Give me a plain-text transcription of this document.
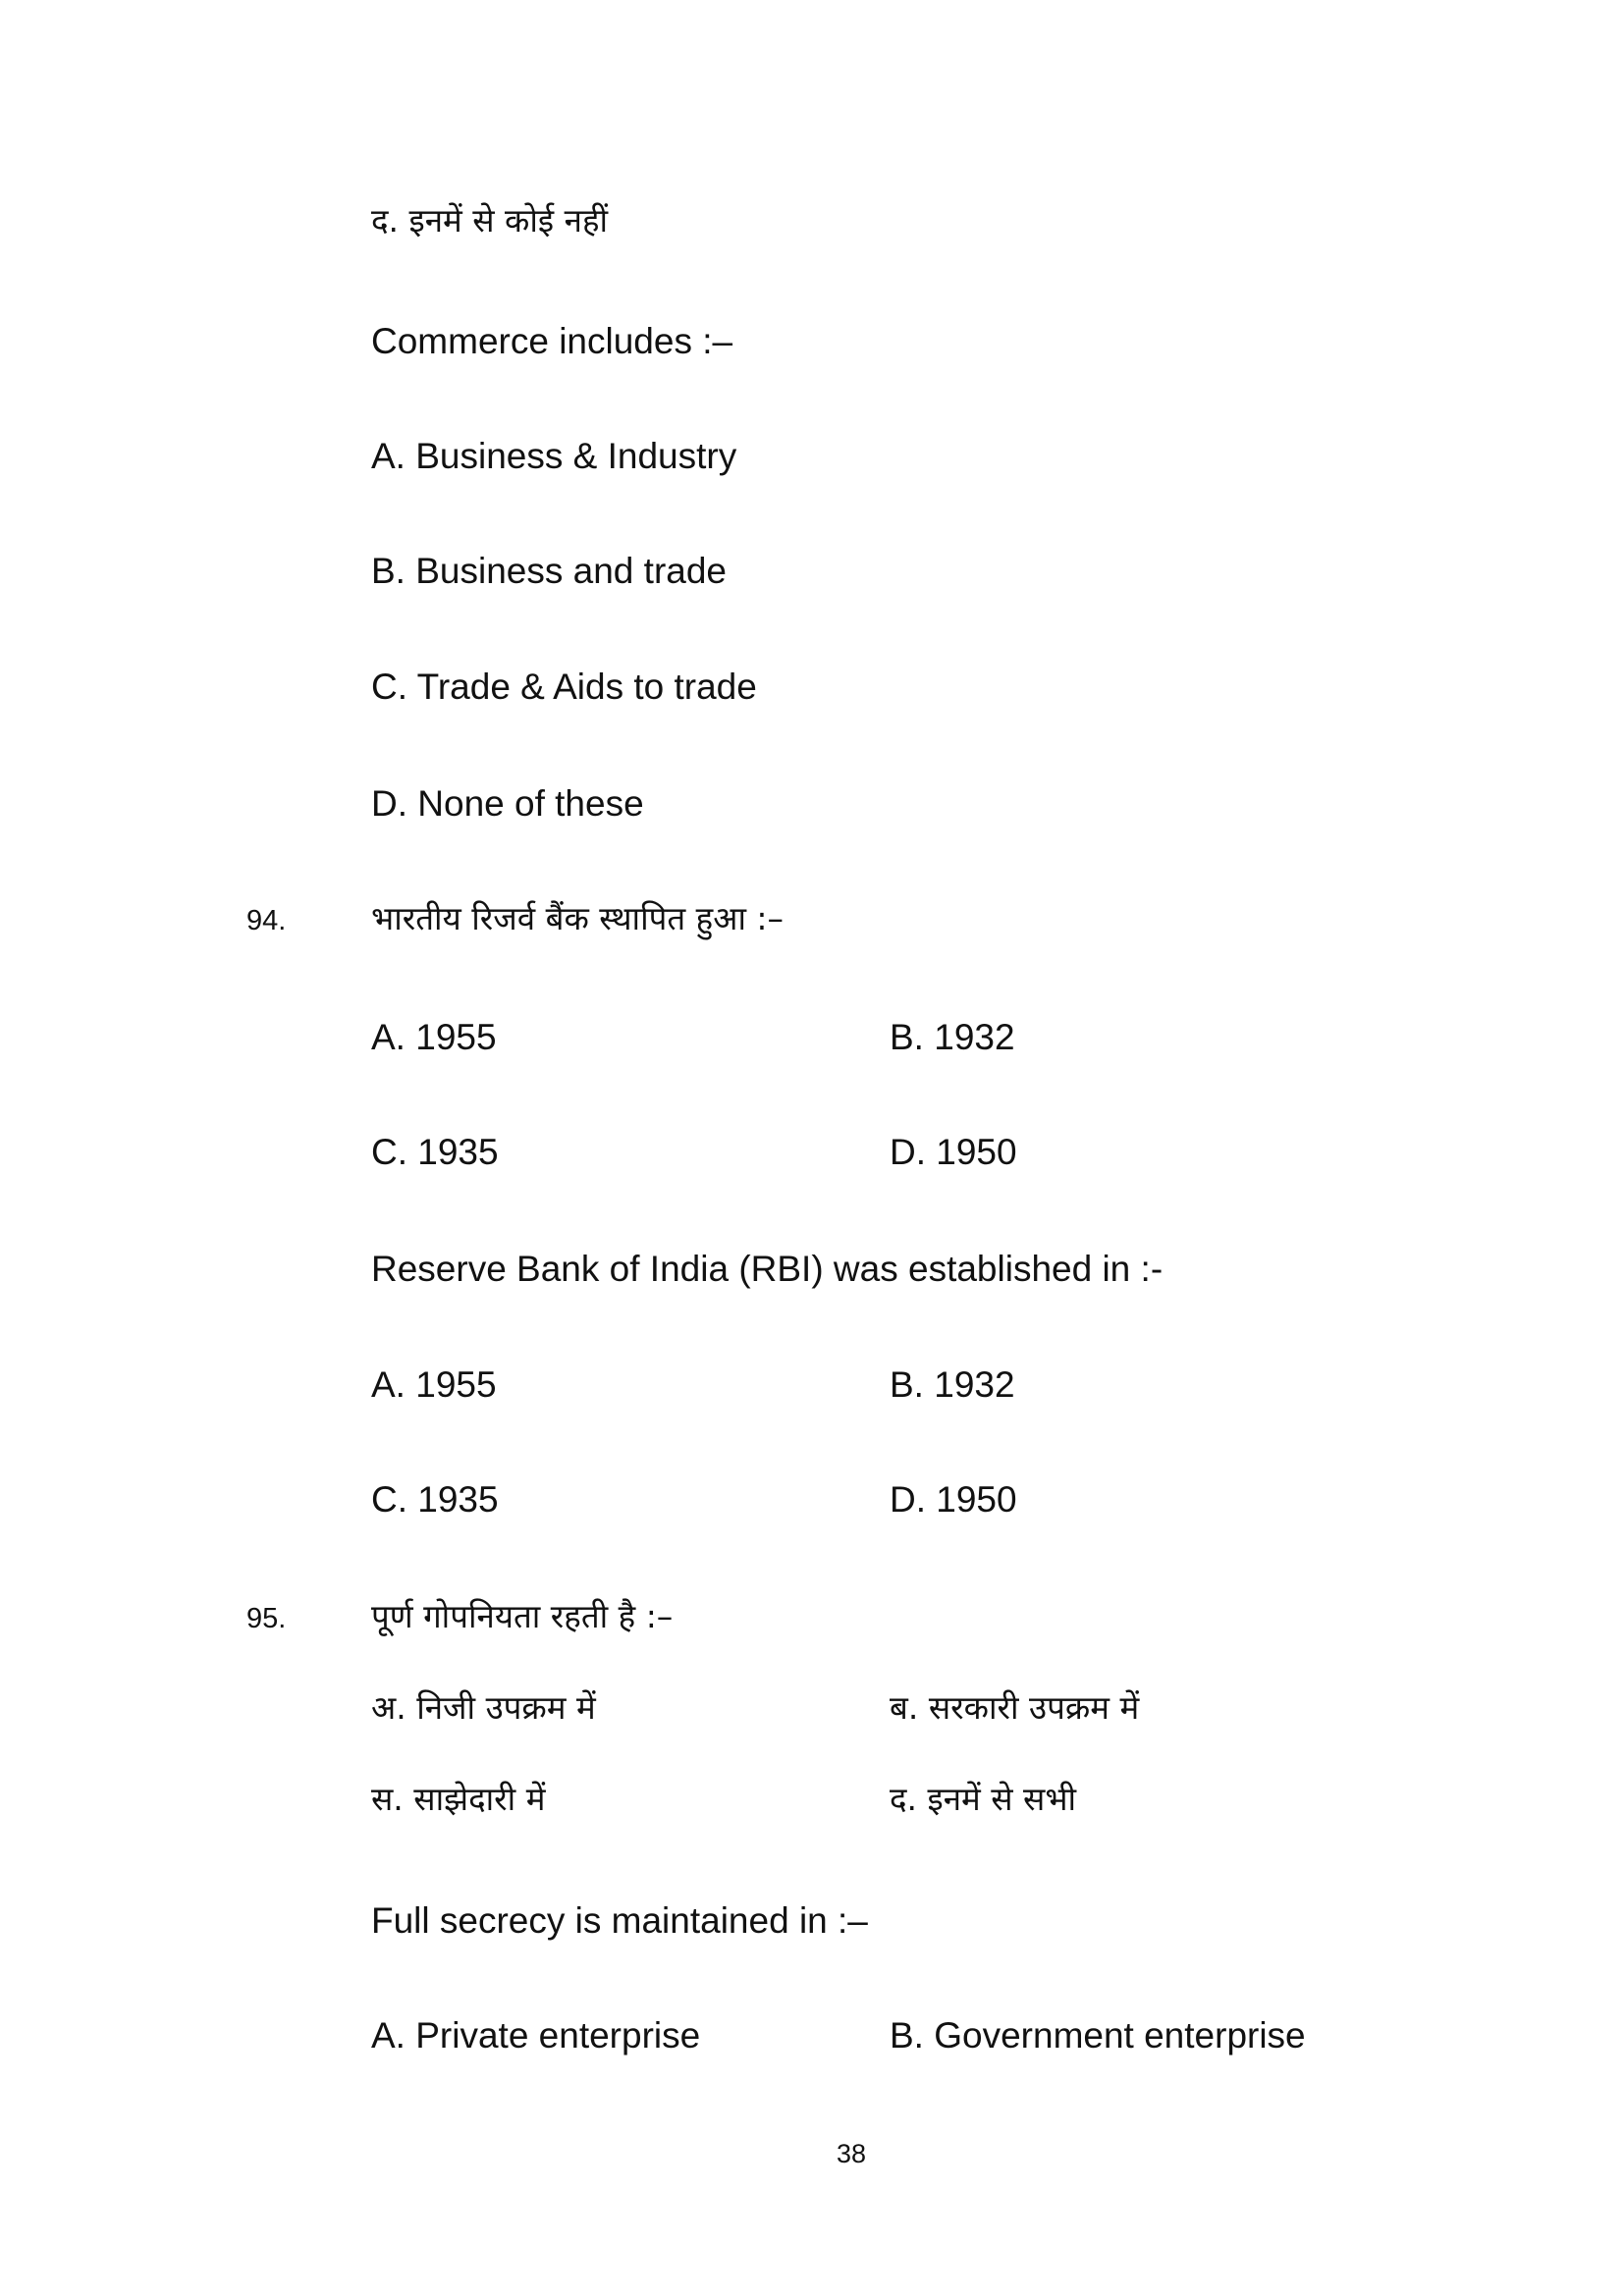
द. इनमें से कोई नहीं
Commerce includes :–
A. Business & Industry
B. Business and trade
C. Trade & Aids to trade
D. None of these
94.	भारतीय रिजर्व बैंक स्थापित हुआ :–
A. 1955	B. 1932
C. 1935	D. 1950
Reserve Bank of India (RBI) was established in :-
A. 1955	B. 1932
C. 1935	D. 1950
95.	पूर्ण गोपनियता रहती है :–
अ. निजी उपक्रम में	ब. सरकारी उपक्रम में
स. साझेदारी में	द. इनमें से सभी
Full secrecy is maintained in :–
A. Private enterprise	B. Government enterprise
38
